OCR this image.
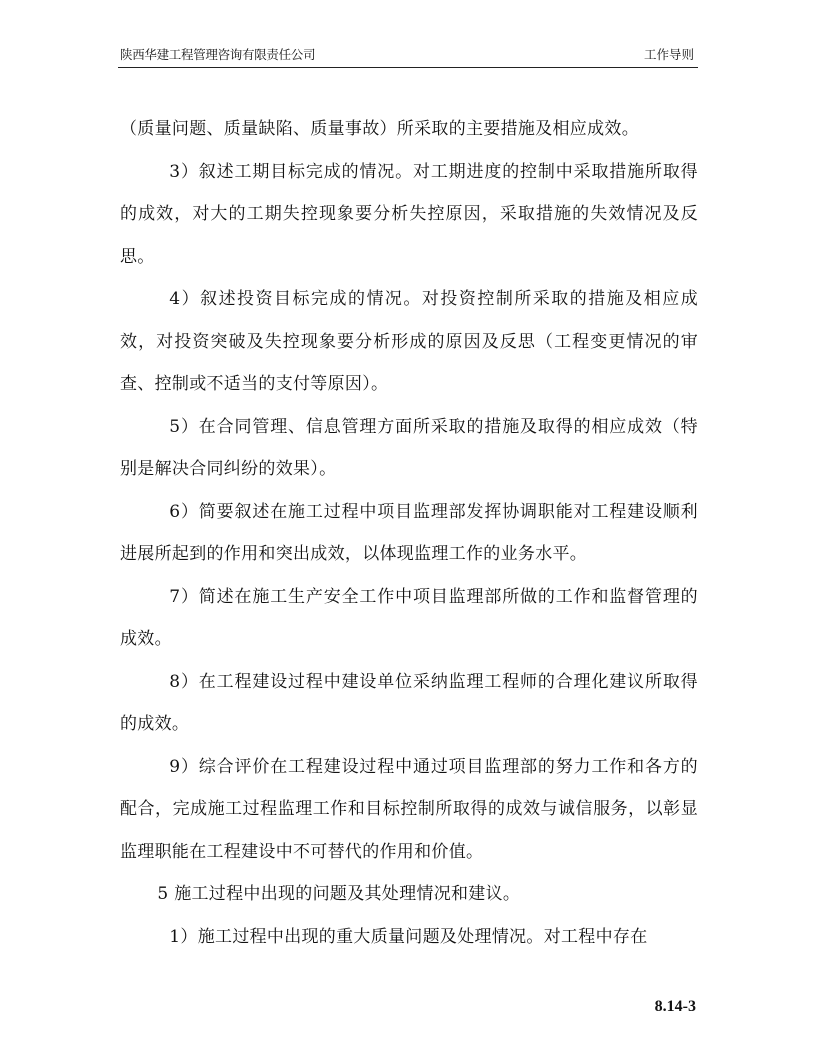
陕西华建工程管理咨询有限责任公司	工作导则

（质量问题、质量缺陷、质量事故）所采取的主要措施及相应成效。

3）叙述工期目标完成的情况。对工期进度的控制中采取措施所取得的成效，对大的工期失控现象要分析失控原因，采取措施的失效情况及反思。

4）叙述投资目标完成的情况。对投资控制所采取的措施及相应成效，对投资突破及失控现象要分析形成的原因及反思（工程变更情况的审查、控制或不适当的支付等原因）。

5）在合同管理、信息管理方面所采取的措施及取得的相应成效（特别是解决合同纠纷的效果）。

6）简要叙述在施工过程中项目监理部发挥协调职能对工程建设顺利进展所起到的作用和突出成效，以体现监理工作的业务水平。

7）简述在施工生产安全工作中项目监理部所做的工作和监督管理的成效。

8）在工程建设过程中建设单位采纳监理工程师的合理化建议所取得的成效。

9）综合评价在工程建设过程中通过项目监理部的努力工作和各方的配合，完成施工过程监理工作和目标控制所取得的成效与诚信服务，以彰显监理职能在工程建设中不可替代的作用和价值。

5 施工过程中出现的问题及其处理情况和建议。

1）施工过程中出现的重大质量问题及处理情况。对工程中存在

8.14-3
